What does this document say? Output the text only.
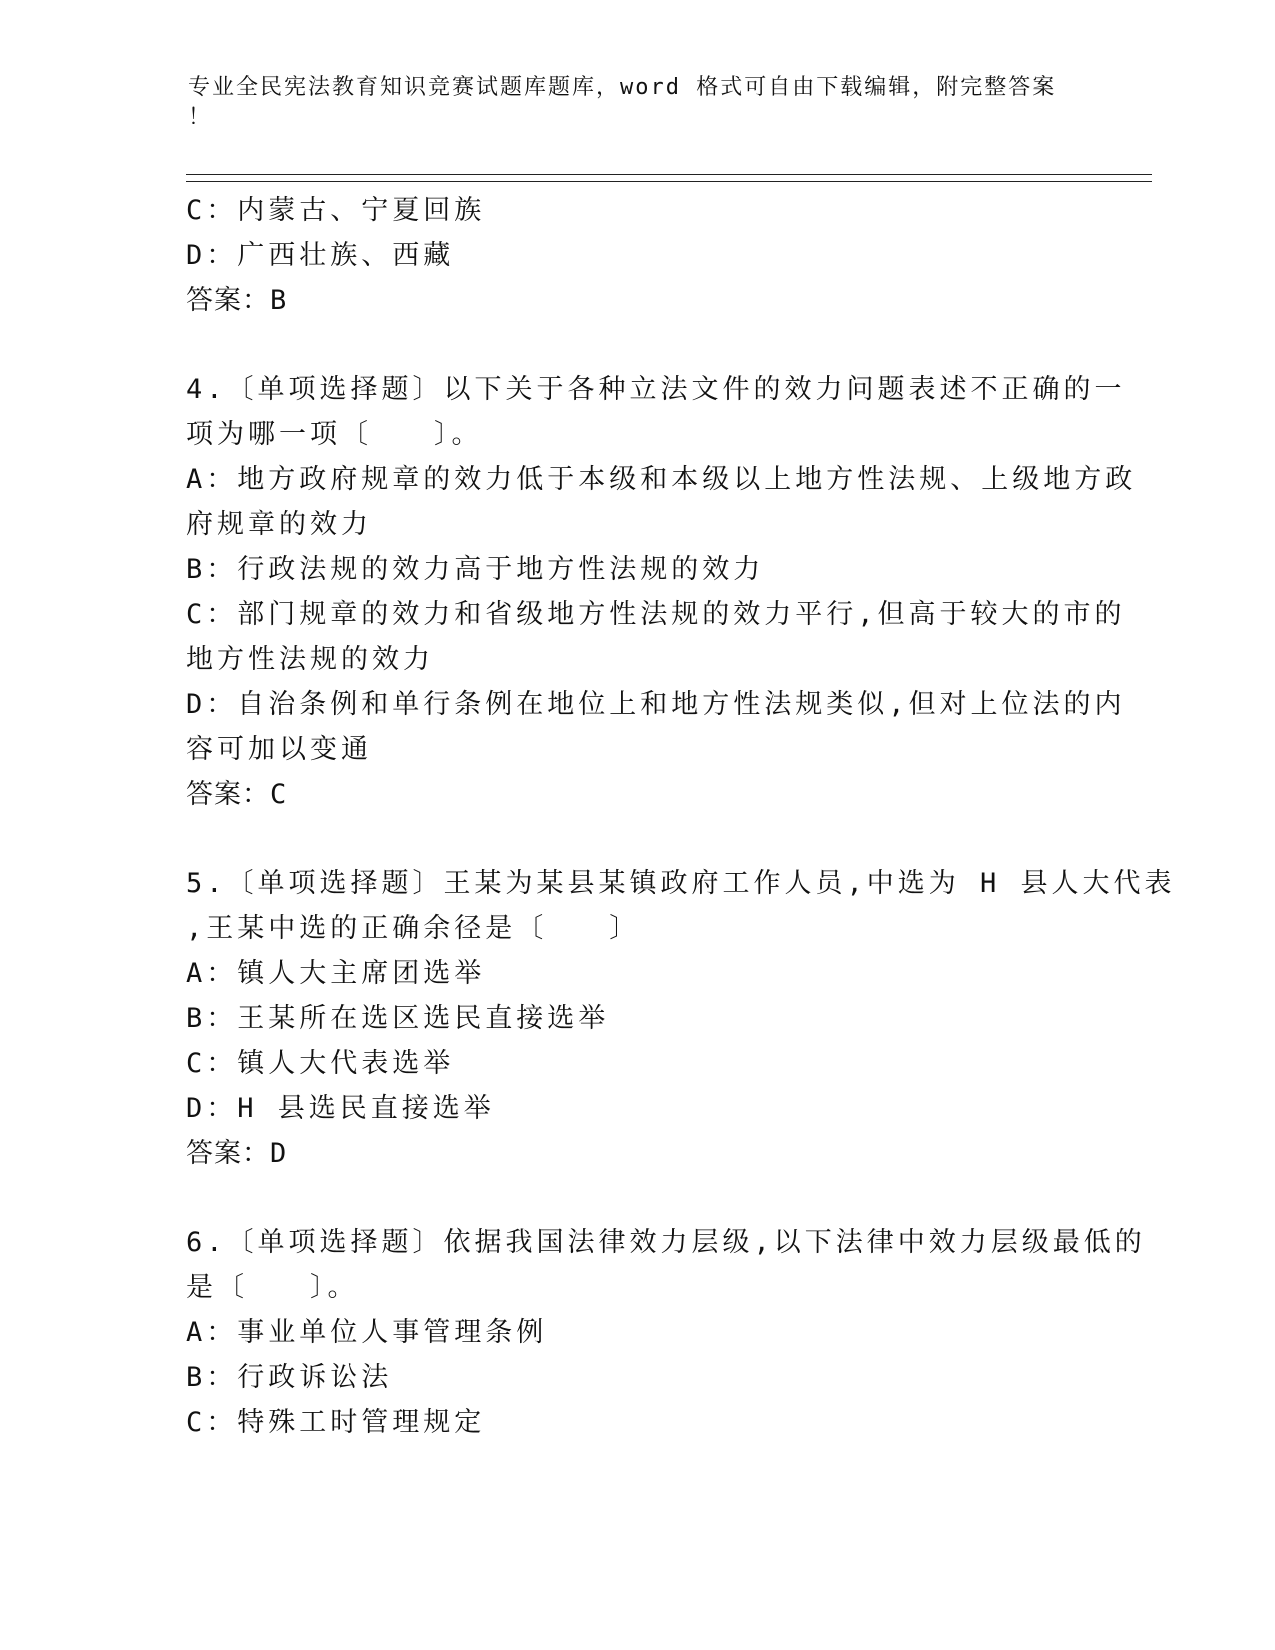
专业全民宪法教育知识竞赛试题库题库，word 格式可自由下载编辑，附完整答案
！
C：内蒙古、宁夏回族
D：广西壮族、西藏
答案：B
4.〔单项选择题〕以下关于各种立法文件的效力问题表述不正确的一
项为哪一项〔　　〕。
A：地方政府规章的效力低于本级和本级以上地方性法规、上级地方政
府规章的效力
B：行政法规的效力高于地方性法规的效力
C：部门规章的效力和省级地方性法规的效力平行,但高于较大的市的
地方性法规的效力
D：自治条例和单行条例在地位上和地方性法规类似,但对上位法的内
容可加以变通
答案：C
5.〔单项选择题〕王某为某县某镇政府工作人员,中选为 H 县人大代表
,王某中选的正确余径是〔　　〕
A：镇人大主席团选举
B：王某所在选区选民直接选举
C：镇人大代表选举
D：H 县选民直接选举
答案：D
6.〔单项选择题〕依据我国法律效力层级,以下法律中效力层级最低的
是〔　　〕。
A：事业单位人事管理条例
B：行政诉讼法
C：特殊工时管理规定
